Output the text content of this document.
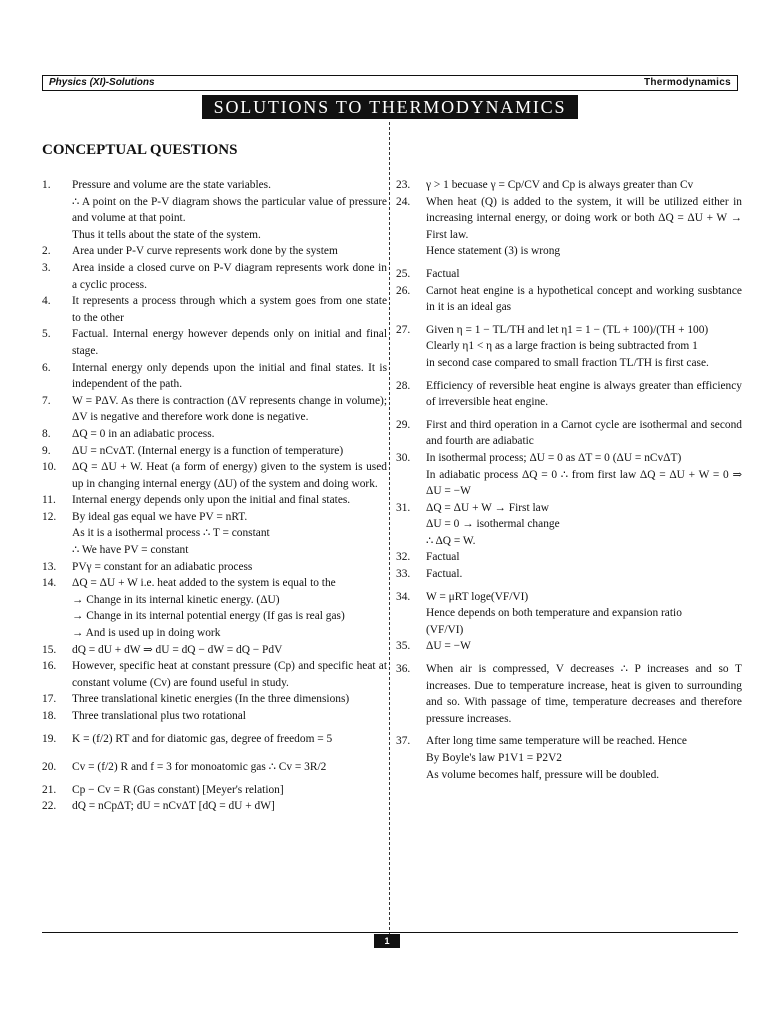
Physics (XI)-Solutions	Thermodynamics
SOLUTIONS TO THERMODYNAMICS
CONCEPTUAL QUESTIONS
1. Pressure and volume are the state variables.
∴ A point on the P-V diagram shows the particular value of pressure and volume at that point.
Thus it tells about the state of the system.
2. Area under P-V curve represents work done by the system
3. Area inside a closed curve on P-V diagram represents work done in a cyclic process.
4. It represents a process through which a system goes from one state to the other
5. Factual. Internal energy however depends only on initial and final stage.
6. Internal energy only depends upon the initial and final states. It is independent of the path.
7. W = PΔV. As there is contraction (ΔV represents change in volume); ΔV is negative and therefore work done is negative.
8. ΔQ = 0 in an adiabatic process.
9. ΔU = nCvΔT. (Internal energy is a function of temperature)
10. ΔQ = ΔU + W. Heat (a form of energy) given to the system is used up in changing internal energy (ΔU) of the system and doing work.
11. Internal energy depends only upon the initial and final states.
12. By ideal gas equal we have PV = nRT.
As it is a isothermal process ∴ T = constant
∴ We have PV = constant
13. PVγ = constant for an adiabatic process
14. ΔQ = ΔU + W i.e. heat added to the system is equal to the
→ Change in its internal kinetic energy. (ΔU)
→ Change in its internal potential energy (If gas is real gas)
→ And is used up in doing work
15. dQ = dU + dW ⇒ dU = dQ − dW = dQ − PdV
16. However, specific heat at constant pressure (Cp) and specific heat at constant volume (Cv) are found useful in study.
17. Three translational kinetic energies (In the three dimensions)
18. Three translational plus two rotational
19. K = (f/2) RT and for diatomic gas, degree of freedom = 5
20. Cv = (f/2) R and f = 3 for monoatomic gas ∴ Cv = 3R/2
21. Cp − Cv = R (Gas constant) [Meyer's relation]
22. dQ = nCpΔT; dU = nCvΔT [dQ = dU + dW]
23. γ > 1 becuase γ = Cp/CV and Cp is always greater than Cv
24. When heat (Q) is added to the system, it will be utilized either in increasing internal energy, or doing work or both ΔQ = ΔU + W → First law.
Hence statement (3) is wrong
25. Factual
26. Carnot heat engine is a hypothetical concept and working susbtance in it is an ideal gas
27. Given η = 1 − TL/TH and let η1 = 1 − (TL + 100)/(TH + 100)
Clearly η1 < η as a large fraction is being subtracted from 1
in second case compared to small fraction TL/TH is first case.
28. Efficiency of reversible heat engine is always greater than efficiency of irreversible heat engine.
29. First and third operation in a Carnot cycle are isothermal and second and fourth are adiabatic
30. In isothermal process; ΔU = 0 as ΔT = 0 (ΔU = nCvΔT)
In adiabatic process ΔQ = 0 ∴ from first law ΔQ = ΔU + W = 0 ⇒ ΔU = −W
31. ΔQ = ΔU + W → First law
ΔU = 0 → isothermal change
∴ ΔQ = W.
32. Factual
33. Factual.
34. W = μRT loge(VF/VI)
Hence depends on both temperature and expansion ratio
(VF/VI)
35. ΔU = −W
36. When air is compressed, V decreases ∴ P increases and so T increases. Due to temperature increase, heat is given to surrounding and so. With passage of time, temperature decreases and therefore pressure increases.
37. After long time same temperature will be reached. Hence
By Boyle's law P1V1 = P2V2
As volume becomes half, pressure will be doubled.
1
